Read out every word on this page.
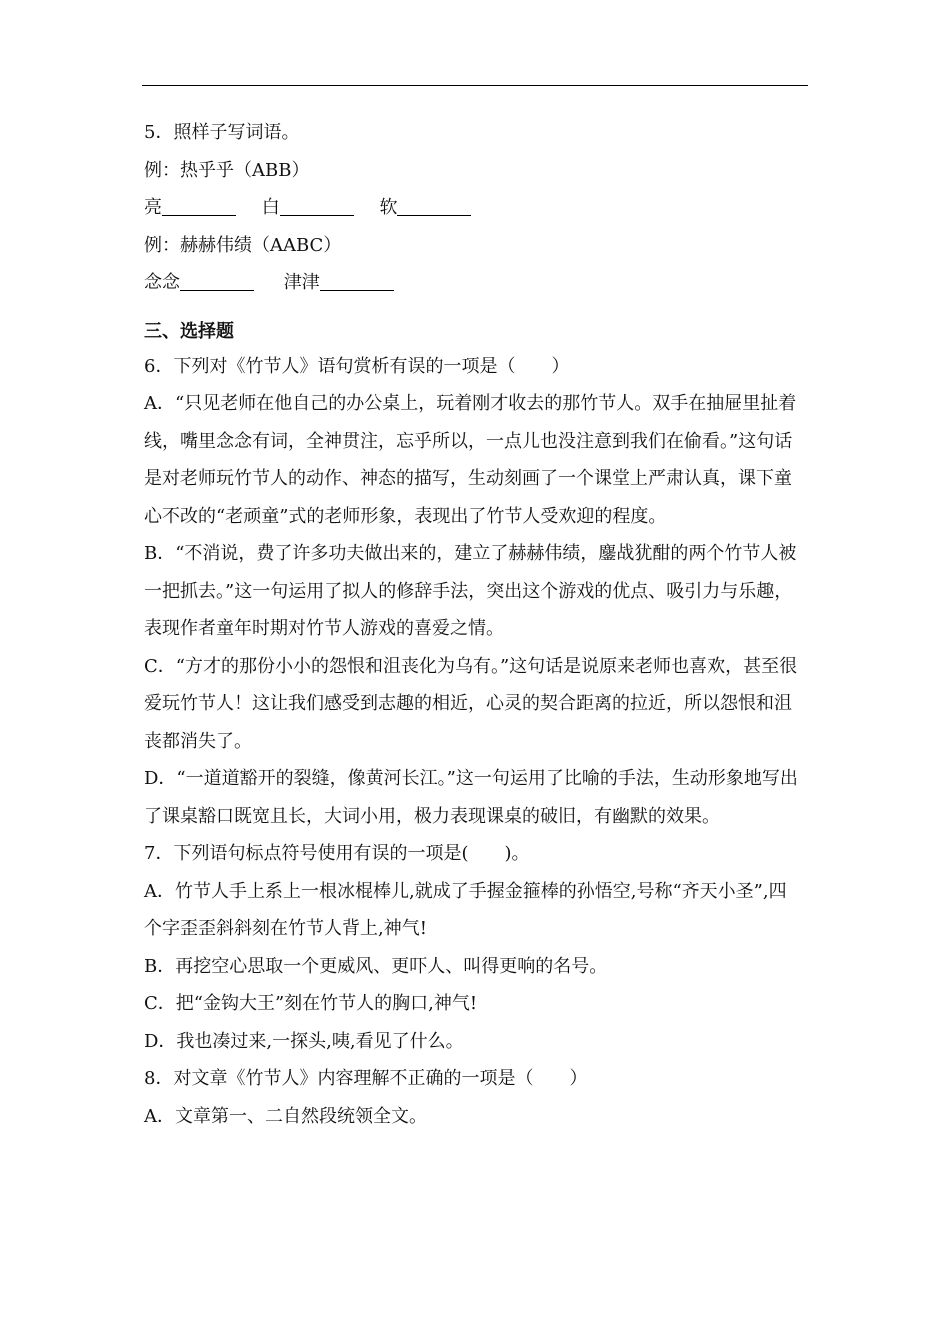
5．照样子写词语。
例：热乎乎（ABB）
亮	白	软
例：赫赫伟绩（AABC）
念念	津津
三、选择题
6．下列对《竹节人》语句赏析有误的一项是（　　）
A．“只见老师在他自己的办公桌上，玩着刚才收去的那竹节人。双手在抽屉里扯着线，嘴里念念有词，全神贯注，忘乎所以，一点儿也没注意到我们在偷看。”这句话是对老师玩竹节人的动作、神态的描写，生动刻画了一个课堂上严肃认真，课下童心不改的“老顽童”式的老师形象，表现出了竹节人受欢迎的程度。
B．“不消说，费了许多功夫做出来的，建立了赫赫伟绩，鏖战犹酣的两个竹节人被一把抓去。”这一句运用了拟人的修辞手法，突出这个游戏的优点、吸引力与乐趣，表现作者童年时期对竹节人游戏的喜爱之情。
C．“方才的那份小小的怨恨和沮丧化为乌有。”这句话是说原来老师也喜欢，甚至很爱玩竹节人！这让我们感受到志趣的相近，心灵的契合距离的拉近，所以怨恨和沮丧都消失了。
D．“一道道豁开的裂缝，像黄河长江。”这一句运用了比喻的手法，生动形象地写出了课桌豁口既宽且长，大词小用，极力表现课桌的破旧，有幽默的效果。
7．下列语句标点符号使用有误的一项是(　　)。
A．竹节人手上系上一根冰棍棒儿,就成了手握金箍棒的孙悟空,号称“齐天小圣”,四个字歪歪斜斜刻在竹节人背上,神气!
B．再挖空心思取一个更威风、更吓人、叫得更响的名号。
C．把“金钩大王”刻在竹节人的胸口,神气!
D．我也凑过来,一探头,咦,看见了什么。
8．对文章《竹节人》内容理解不正确的一项是（　　）
A．文章第一、二自然段统领全文。
